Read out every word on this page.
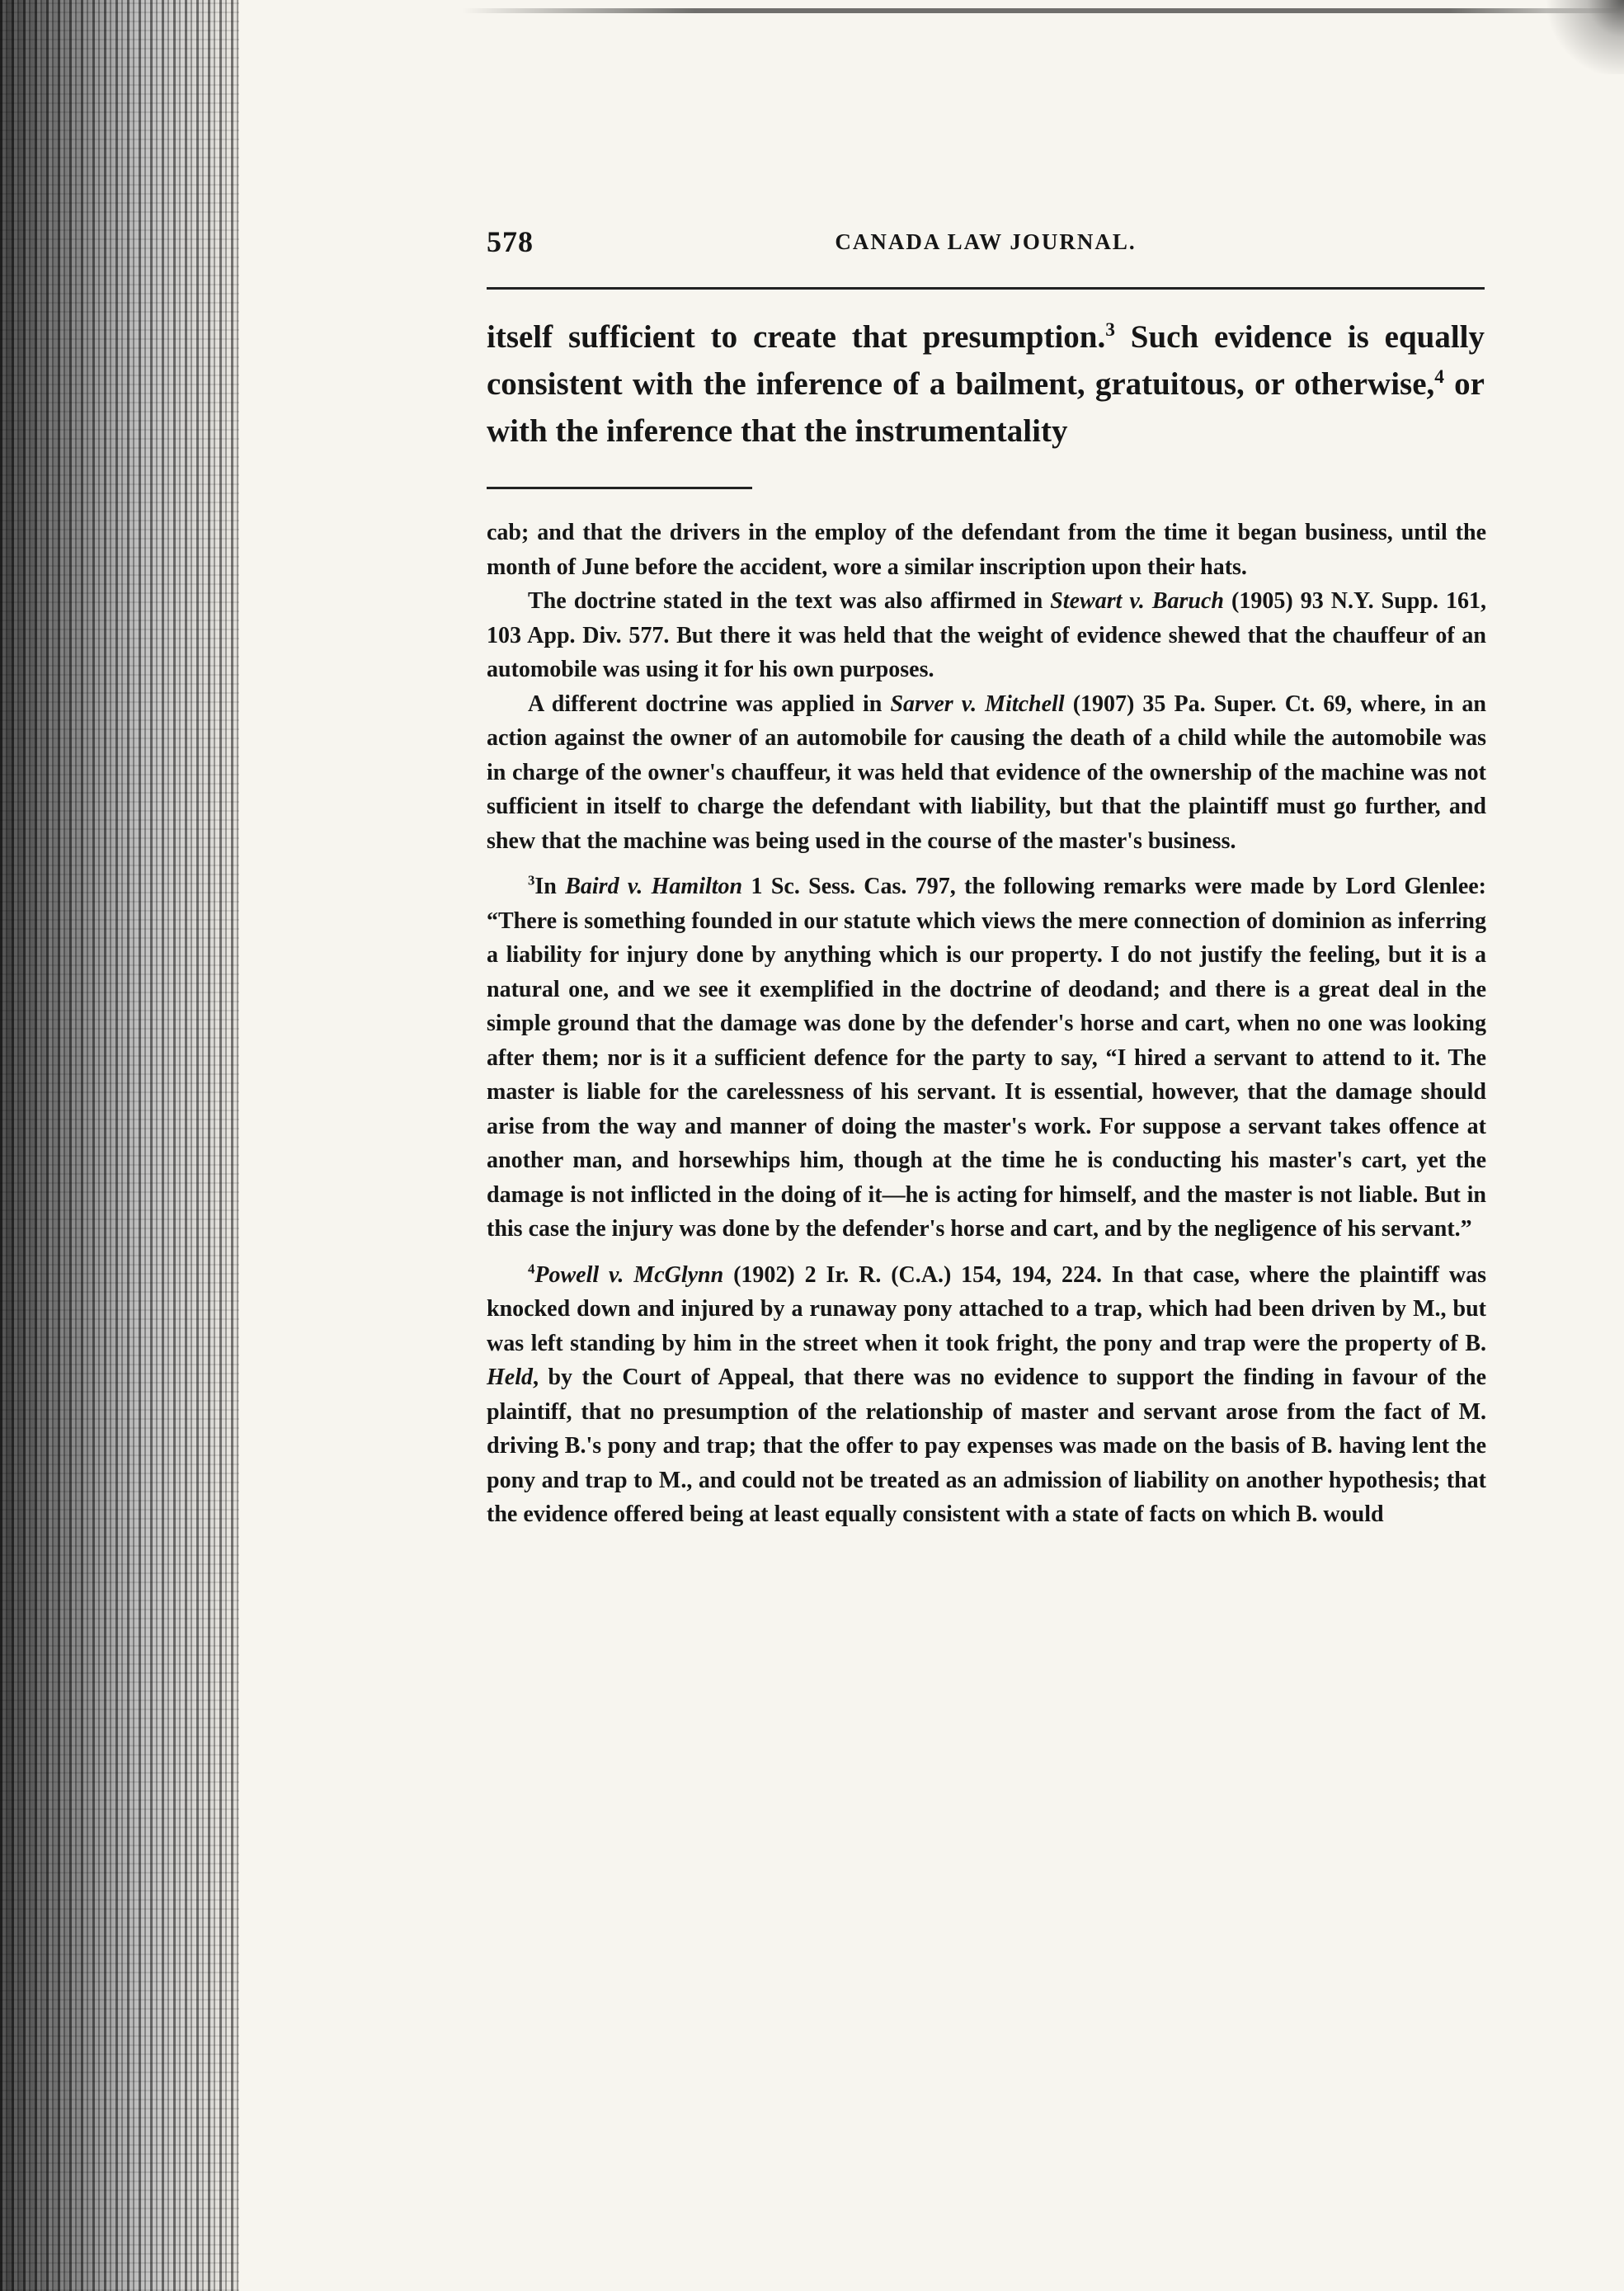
578	CANADA LAW JOURNAL.

itself sufficient to create that presumption.$^3$ Such evidence is equally consistent with the inference of a bailment, gratuitous, or otherwise,$^4$ or with the inference that the instrumentality

cab; and that the drivers in the employ of the defendant from the time it began business, until the month of June before the accident, wore a similar inscription upon their hats.

The doctrine stated in the text was also affirmed in Stewart v. Baruch (1905) 93 N.Y. Supp. 161, 103 App. Div. 577. But there it was held that the weight of evidence shewed that the chauffeur of an automobile was using it for his own purposes.

A different doctrine was applied in Sarver v. Mitchell (1907) 35 Pa. Super. Ct. 69, where, in an action against the owner of an automobile for causing the death of a child while the automobile was in charge of the owner's chauffeur, it was held that evidence of the ownership of the machine was not sufficient in itself to charge the defendant with liability, but that the plaintiff must go further, and shew that the machine was being used in the course of the master's business.

$^3$In Baird v. Hamilton 1 Sc. Sess. Cas. 797, the following remarks were made by Lord Glenlee: “There is something founded in our statute which views the mere connection of dominion as inferring a liability for injury done by anything which is our property. I do not justify the feeling, but it is a natural one, and we see it exemplified in the doctrine of deodand; and there is a great deal in the simple ground that the damage was done by the defender's horse and cart, when no one was looking after them; nor is it a sufficient defence for the party to say, “I hired a servant to attend to it. The master is liable for the carelessness of his servant. It is essential, however, that the damage should arise from the way and manner of doing the master's work. For suppose a servant takes offence at another man, and horsewhips him, though at the time he is conducting his master's cart, yet the damage is not inflicted in the doing of it—he is acting for himself, and the master is not liable. But in this case the injury was done by the defender's horse and cart, and by the negligence of his servant.”

$^4$Powell v. McGlynn (1902) 2 Ir. R. (C.A.) 154, 194, 224. In that case, where the plaintiff was knocked down and injured by a runaway pony attached to a trap, which had been driven by M., but was left standing by him in the street when it took fright, the pony and trap were the property of B. Held, by the Court of Appeal, that there was no evidence to support the finding in favour of the plaintiff, that no presumption of the relationship of master and servant arose from the fact of M. driving B.'s pony and trap; that the offer to pay expenses was made on the basis of B. having lent the pony and trap to M., and could not be treated as an admission of liability on another hypothesis; that the evidence offered being at least equally consistent with a state of facts on which B. would
